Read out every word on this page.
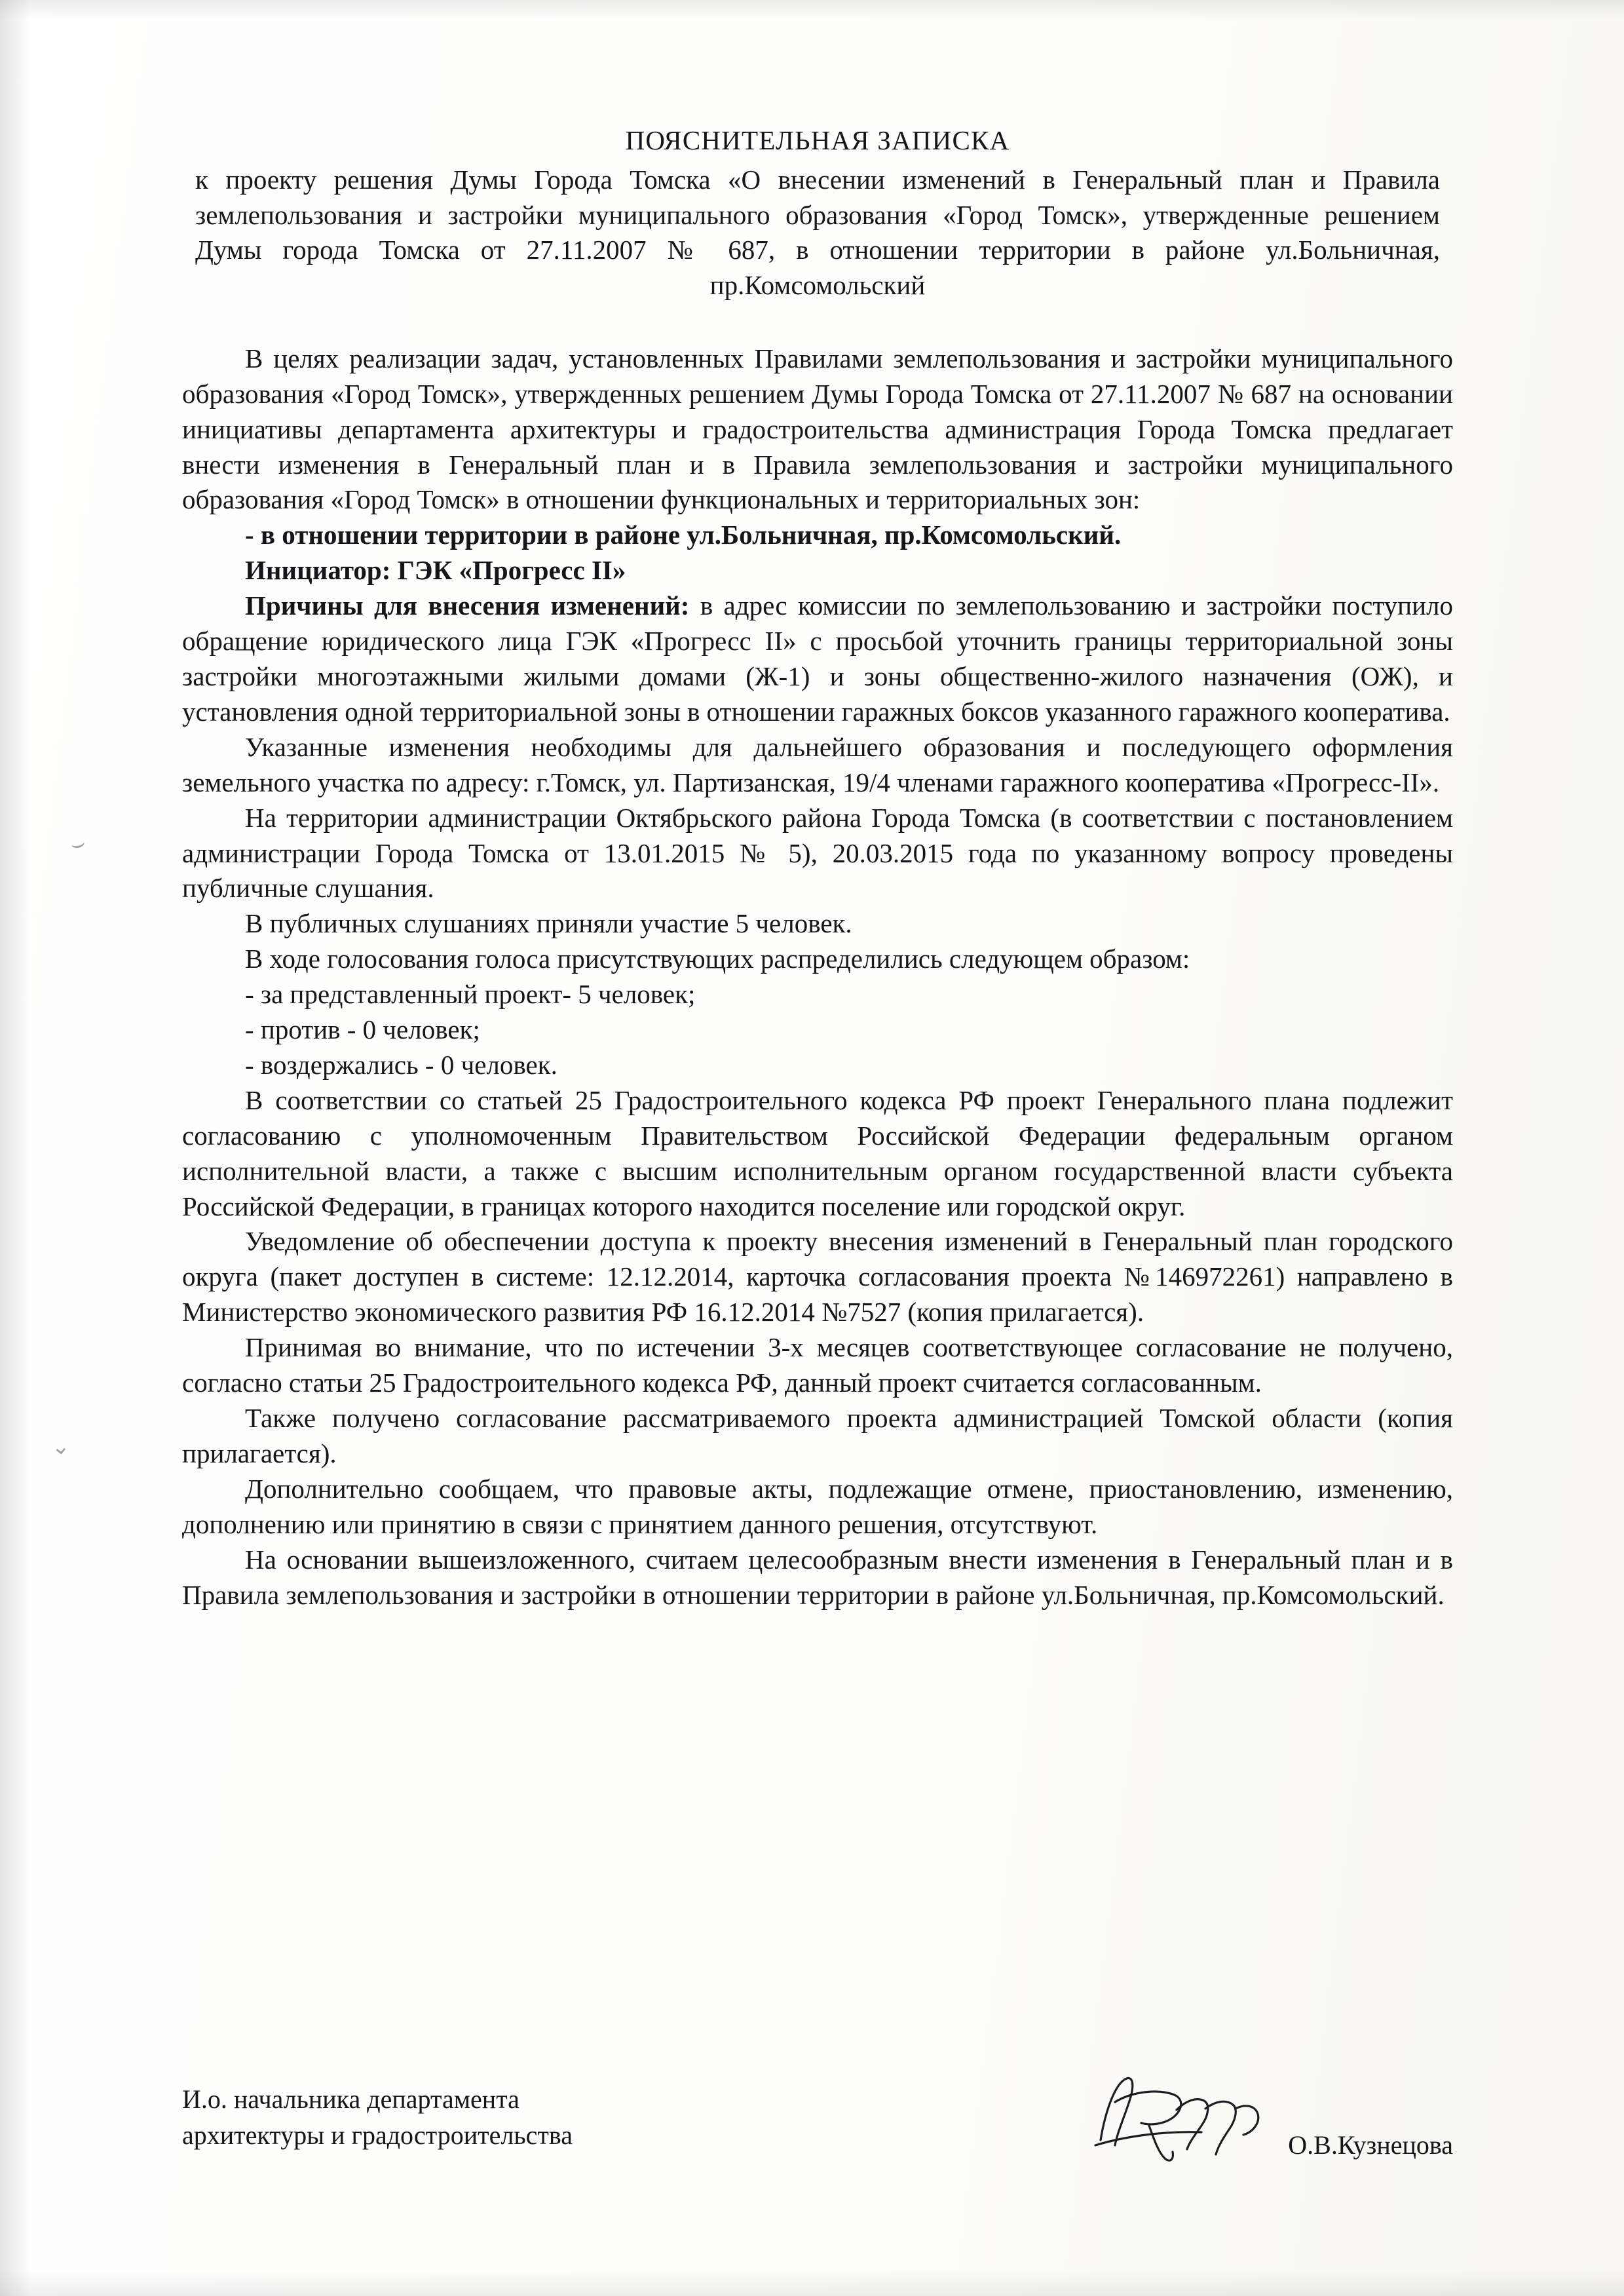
⌣
⌄
ПОЯСНИТЕЛЬНАЯ ЗАПИСКА
к проекту решения Думы Города Томска «О внесении изменений в Генеральный план и Правила землепользования и застройки муниципального образования «Город Томск», утвержденные решением Думы города Томска от 27.11.2007 № 687, в отношении территории в районе ул.Больничная, пр.Комсомольский

В целях реализации задач, установленных Правилами землепользования и застройки муниципального образования «Город Томск», утвержденных решением Думы Города Томска от 27.11.2007 № 687 на основании инициативы департамента архитектуры и градостроительства администрация Города Томска предлагает внести изменения в Генеральный план и в Правила землепользования и застройки муниципального образования «Город Томск» в отношении функциональных и территориальных зон:

- в отношении территории в районе ул.Больничная, пр.Комсомольский.

Инициатор: ГЭК «Прогресс II»

Причины для внесения изменений: в адрес комиссии по землепользованию и застройки поступило обращение юридического лица ГЭК «Прогресс II» с просьбой уточнить границы территориальной зоны застройки многоэтажными жилыми домами (Ж-1) и зоны общественно-жилого назначения (ОЖ), и установления одной территориальной зоны в отношении гаражных боксов указанного гаражного кооператива.

Указанные изменения необходимы для дальнейшего образования и последующего оформления земельного участка по адресу: г.Томск, ул. Партизанская, 19/4 членами гаражного кооператива «Прогресс-II».

На территории администрации Октябрьского района Города Томска (в соответствии с постановлением администрации Города Томска от 13.01.2015 № 5), 20.03.2015 года по указанному вопросу проведены публичные слушания.

В публичных слушаниях приняли участие 5 человек.

В ходе голосования голоса присутствующих распределились следующем образом:

- за представленный проект- 5 человек;

- против - 0 человек;

- воздержались - 0 человек.

В соответствии со статьей 25 Градостроительного кодекса РФ проект Генерального плана подлежит согласованию с уполномоченным Правительством Российской Федерации федеральным органом исполнительной власти, а также с высшим исполнительным органом государственной власти субъекта Российской Федерации, в границах которого находится поселение или городской округ.

Уведомление об обеспечении доступа к проекту внесения изменений в Генеральный план городского округа (пакет доступен в системе: 12.12.2014, карточка согласования проекта №146972261) направлено в Министерство экономического развития РФ 16.12.2014 №7527 (копия прилагается).

Принимая во внимание, что по истечении 3-х месяцев соответствующее согласование не получено, согласно статьи 25 Градостроительного кодекса РФ, данный проект считается согласованным.

Также получено согласование рассматриваемого проекта администрацией Томской области (копия прилагается).

Дополнительно сообщаем, что правовые акты, подлежащие отмене, приостановлению, изменению, дополнению или принятию в связи с принятием данного решения, отсутствуют.

На основании вышеизложенного, считаем целесообразным внести изменения в Генеральный план и в Правила землепользования и застройки в отношении территории в районе ул.Больничная, пр.Комсомольский.

И.о. начальника департамента
архитектуры и градостроительства	О.В.Кузнецова
